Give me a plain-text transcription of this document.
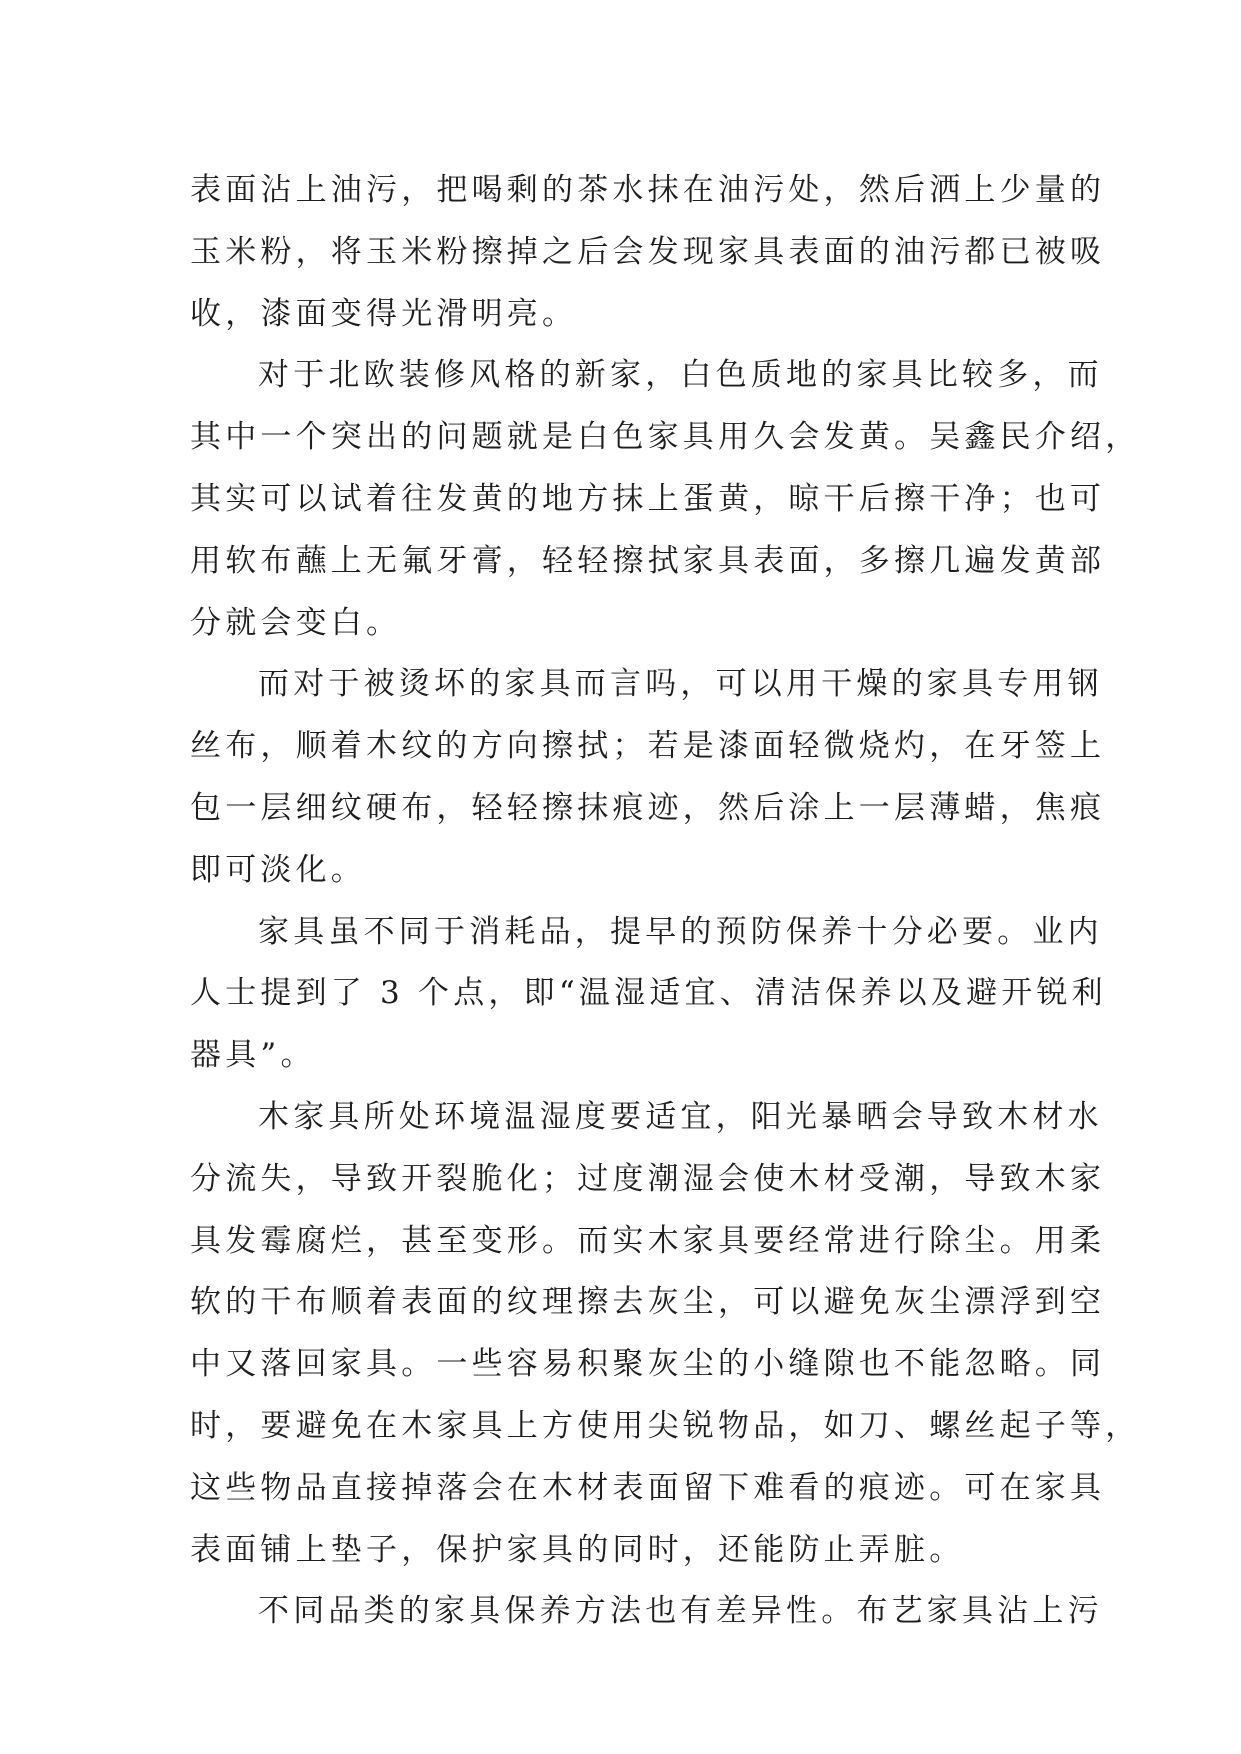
表面沾上油污，把喝剩的茶水抹在油污处，然后洒上少量的
玉米粉，将玉米粉擦掉之后会发现家具表面的油污都已被吸
收，漆面变得光滑明亮。
对于北欧装修风格的新家，白色质地的家具比较多，而
其中一个突出的问题就是白色家具用久会发黄。吴鑫民介绍，
其实可以试着往发黄的地方抹上蛋黄，晾干后擦干净；也可
用软布蘸上无氟牙膏，轻轻擦拭家具表面，多擦几遍发黄部
分就会变白。
而对于被烫坏的家具而言吗，可以用干燥的家具专用钢
丝布，顺着木纹的方向擦拭；若是漆面轻微烧灼，在牙签上
包一层细纹硬布，轻轻擦抹痕迹，然后涂上一层薄蜡，焦痕
即可淡化。
家具虽不同于消耗品，提早的预防保养十分必要。业内
人士提到了 3 个点，即“温湿适宜、清洁保养以及避开锐利
器具”。
木家具所处环境温湿度要适宜，阳光暴晒会导致木材水
分流失，导致开裂脆化；过度潮湿会使木材受潮，导致木家
具发霉腐烂，甚至变形。而实木家具要经常进行除尘。用柔
软的干布顺着表面的纹理擦去灰尘，可以避免灰尘漂浮到空
中又落回家具。一些容易积聚灰尘的小缝隙也不能忽略。同
时，要避免在木家具上方使用尖锐物品，如刀、螺丝起子等，
这些物品直接掉落会在木材表面留下难看的痕迹。可在家具
表面铺上垫子，保护家具的同时，还能防止弄脏。
不同品类的家具保养方法也有差异性。布艺家具沾上污
